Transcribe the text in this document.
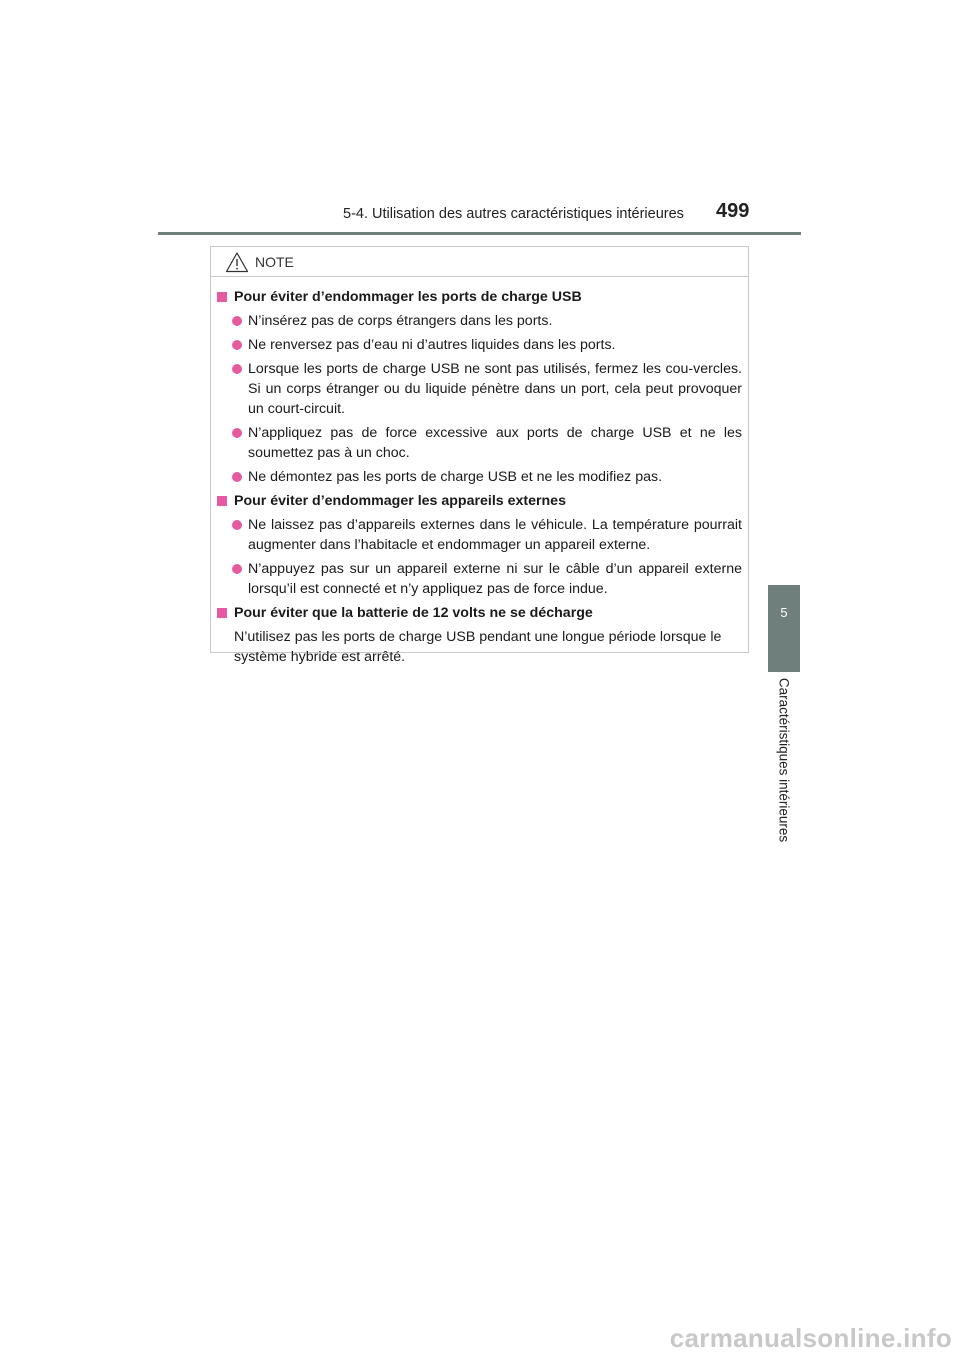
5-4. Utilisation des autres caractéristiques intérieures 499
5
Caractéristiques intérieures
NOTE
Pour éviter d’endommager les ports de charge USB
N’insérez pas de corps étrangers dans les ports.
Ne renversez pas d’eau ni d’autres liquides dans les ports.
Lorsque les ports de charge USB ne sont pas utilisés, fermez les cou-vercles. Si un corps étranger ou du liquide pénètre dans un port, cela peut provoquer un court-circuit.
N’appliquez pas de force excessive aux ports de charge USB et ne les soumettez pas à un choc.
Ne démontez pas les ports de charge USB et ne les modifiez pas.
Pour éviter d’endommager les appareils externes
Ne laissez pas d’appareils externes dans le véhicule. La température pourrait augmenter dans l’habitacle et endommager un appareil externe.
N’appuyez pas sur un appareil externe ni sur le câble d’un appareil externe lorsqu’il est connecté et n’y appliquez pas de force indue.
Pour éviter que la batterie de 12 volts ne se décharge
N’utilisez pas les ports de charge USB pendant une longue période lorsque le système hybride est arrêté.
carmanualsonline.info
